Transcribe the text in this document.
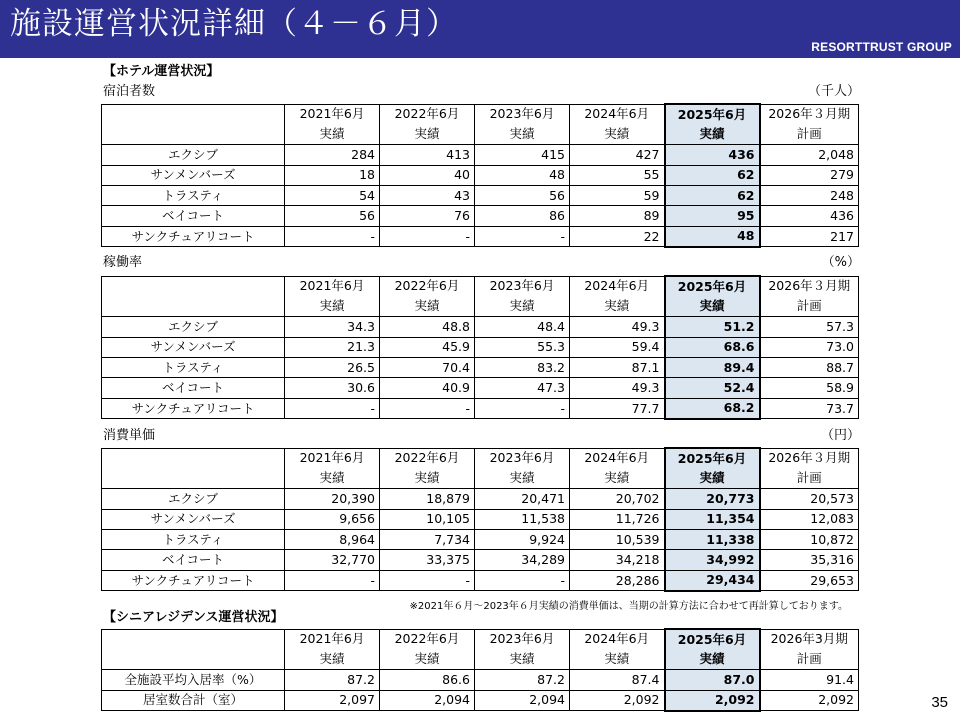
施設運営状況詳細（４－６月）
RESORTTRUST GROUP
【ホテル運営状況】
宿泊者数	（千人）
	2021年6月	2022年6月	2023年6月	2024年6月	2025年6月	2026年３月期
	実績	実績	実績	実績	実績	計画
エクシブ	284	413	415	427	436	2,048
サンメンバーズ	18	40	48	55	62	279
トラスティ	54	43	56	59	62	248
ベイコート	56	76	86	89	95	436
サンクチュアリコート	-	-	-	22	48	217
稼働率	（%）
	2021年6月	2022年6月	2023年6月	2024年6月	2025年6月	2026年３月期
	実績	実績	実績	実績	実績	計画
エクシブ	34.3	48.8	48.4	49.3	51.2	57.3
サンメンバーズ	21.3	45.9	55.3	59.4	68.6	73.0
トラスティ	26.5	70.4	83.2	87.1	89.4	88.7
ベイコート	30.6	40.9	47.3	49.3	52.4	58.9
サンクチュアリコート	-	-	-	77.7	68.2	73.7
消費単価	（円）
	2021年6月	2022年6月	2023年6月	2024年6月	2025年6月	2026年３月期
	実績	実績	実績	実績	実績	計画
エクシブ	20,390	18,879	20,471	20,702	20,773	20,573
サンメンバーズ	9,656	10,105	11,538	11,726	11,354	12,083
トラスティ	8,964	7,734	9,924	10,539	11,338	10,872
ベイコート	32,770	33,375	34,289	34,218	34,992	35,316
サンクチュアリコート	-	-	-	28,286	29,434	29,653
※2021年６月～2023年６月実績の消費単価は、当期の計算方法に合わせて再計算しております。
【シニアレジデンス運営状況】
	2021年6月	2022年6月	2023年6月	2024年6月	2025年6月	2026年3月期
	実績	実績	実績	実績	実績	計画
全施設平均入居率（%）	87.2	86.6	87.2	87.4	87.0	91.4
居室数合計（室）	2,097	2,094	2,094	2,092	2,092	2,092	35
